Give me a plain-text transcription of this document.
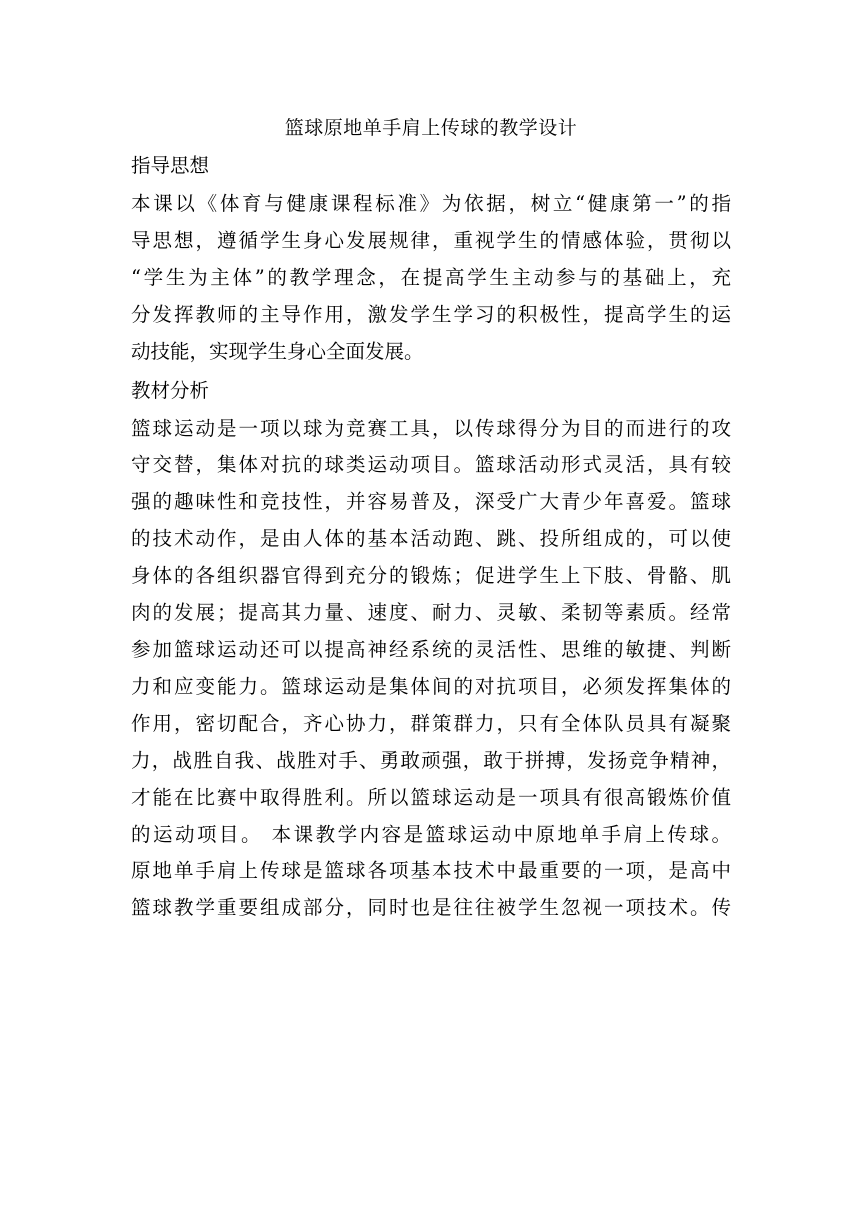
篮球原地单手肩上传球的教学设计
指导思想
本课以《体育与健康课程标准》为依据，树立“健康第一”的指
导思想，遵循学生身心发展规律，重视学生的情感体验，贯彻以
“学生为主体”的教学理念，在提高学生主动参与的基础上，充
分发挥教师的主导作用，激发学生学习的积极性，提高学生的运
动技能，实现学生身心全面发展。
教材分析
篮球运动是一项以球为竞赛工具，以传球得分为目的而进行的攻
守交替，集体对抗的球类运动项目。篮球活动形式灵活，具有较
强的趣味性和竞技性，并容易普及，深受广大青少年喜爱。篮球
的技术动作，是由人体的基本活动跑、跳、投所组成的，可以使
身体的各组织器官得到充分的锻炼；促进学生上下肢、骨骼、肌
肉的发展；提高其力量、速度、耐力、灵敏、柔韧等素质。经常
参加篮球运动还可以提高神经系统的灵活性、思维的敏捷、判断
力和应变能力。篮球运动是集体间的对抗项目，必须发挥集体的
作用，密切配合，齐心协力，群策群力，只有全体队员具有凝聚
力，战胜自我、战胜对手、勇敢顽强，敢于拼搏，发扬竞争精神，
才能在比赛中取得胜利。所以篮球运动是一项具有很高锻炼价值
的运动项目。 本课教学内容是篮球运动中原地单手肩上传球。
原地单手肩上传球是篮球各项基本技术中最重要的一项，是高中
篮球教学重要组成部分，同时也是往往被学生忽视一项技术。传
